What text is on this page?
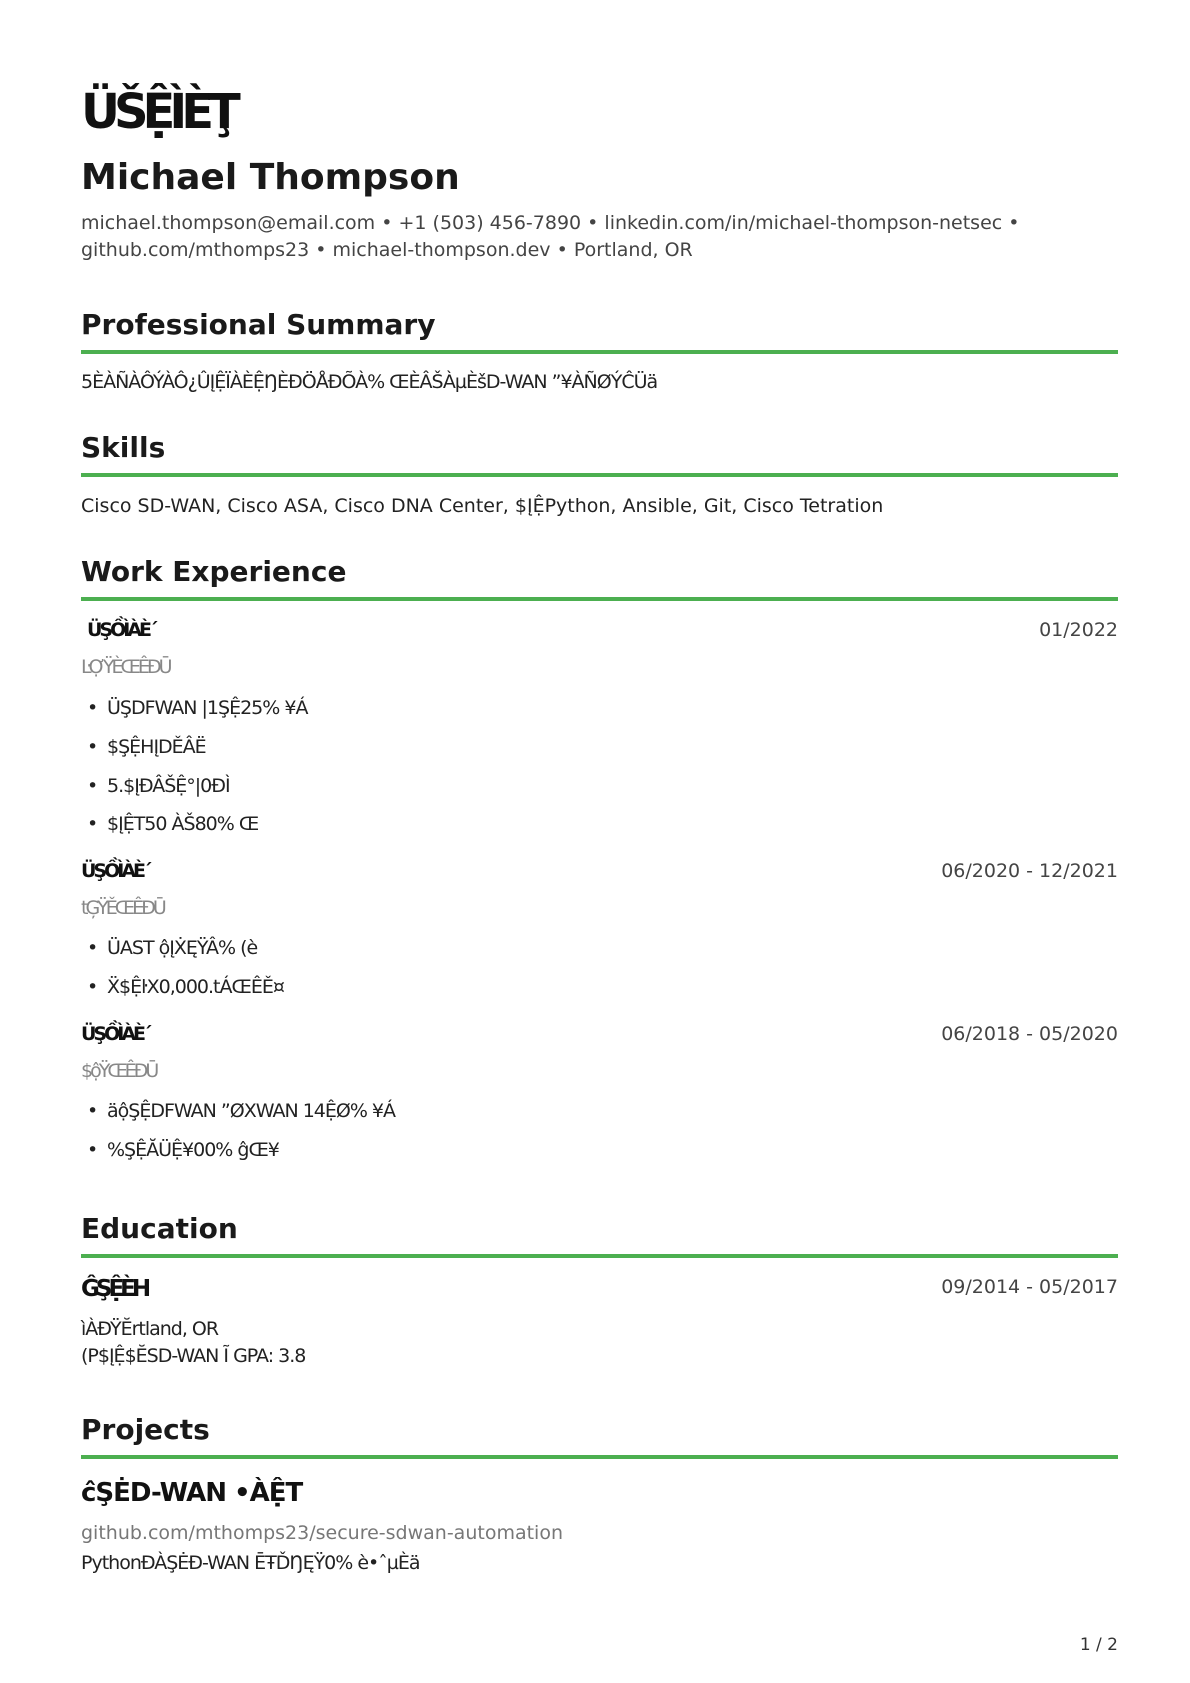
ÜŠỆÌÈŢ
Michael Thompson
michael.thompson@email.com • +1 (503) 456-7890 • linkedin.com/in/michael-thompson-netsec •
github.com/mthomps23 • michael-thompson.dev • Portland, OR
Professional Summary
5ÈÀÑÀÔÝÀÔ¿ÛĮỆÏÀÈỆŊÈÐÖÅÐÕÀ% ŒÈÂŠÀµÈšD-WAN ”¥ÀÑØÝĈÜä
Skills
Cisco SD-WAN, Cisco ASA, Cisco DNA Center, $ĮỆPython, Ansible, Git, Cisco Tetration
Work Experience
ÜŞỒÌÀÈ´	01/2022
ĿỢŸÈŒÊĐŪ
• ÜŞDFWAN |1ŞỆ25% ¥Á
• $ŞỆHĮDĚÂË
• 5.$ĮÐÂŠỆ°|0ĐÌ
• $ĮỆT50 ÀŠ80% Œ
ÜŞỒÌÀÈ´	06/2020 - 12/2021
tĢŸĚŒÊĐŪ
• ÜAST ộĮẊĘŸÂ% (è
• Ẍ$ỆŀX0,000.tÁŒÊĚ¤
ÜŞỒÌÀÈ´	06/2018 - 05/2020
$ộŸŒÊĐŪ
• äộŞỆDFWAN ”ØXWAN 14ỆØ% ¥Á
• %ŞỆĂÜỆ¥00% ĝŒ¥
Education
ĜŞỆÈH	09/2014 - 05/2017
ìÀÐŸĔrtland, OR
(P$ĮỆ$ĔSD-WAN Ĩ GPA: 3.8
Projects
ĉŞĖD-WAN •ÀỆT
github.com/mthomps23/secure-sdwan-automation
PythonĐÀŞĖĐ-WAN ĒŦĎŊĘŸ0% è•ˆµÈä
1 / 2
